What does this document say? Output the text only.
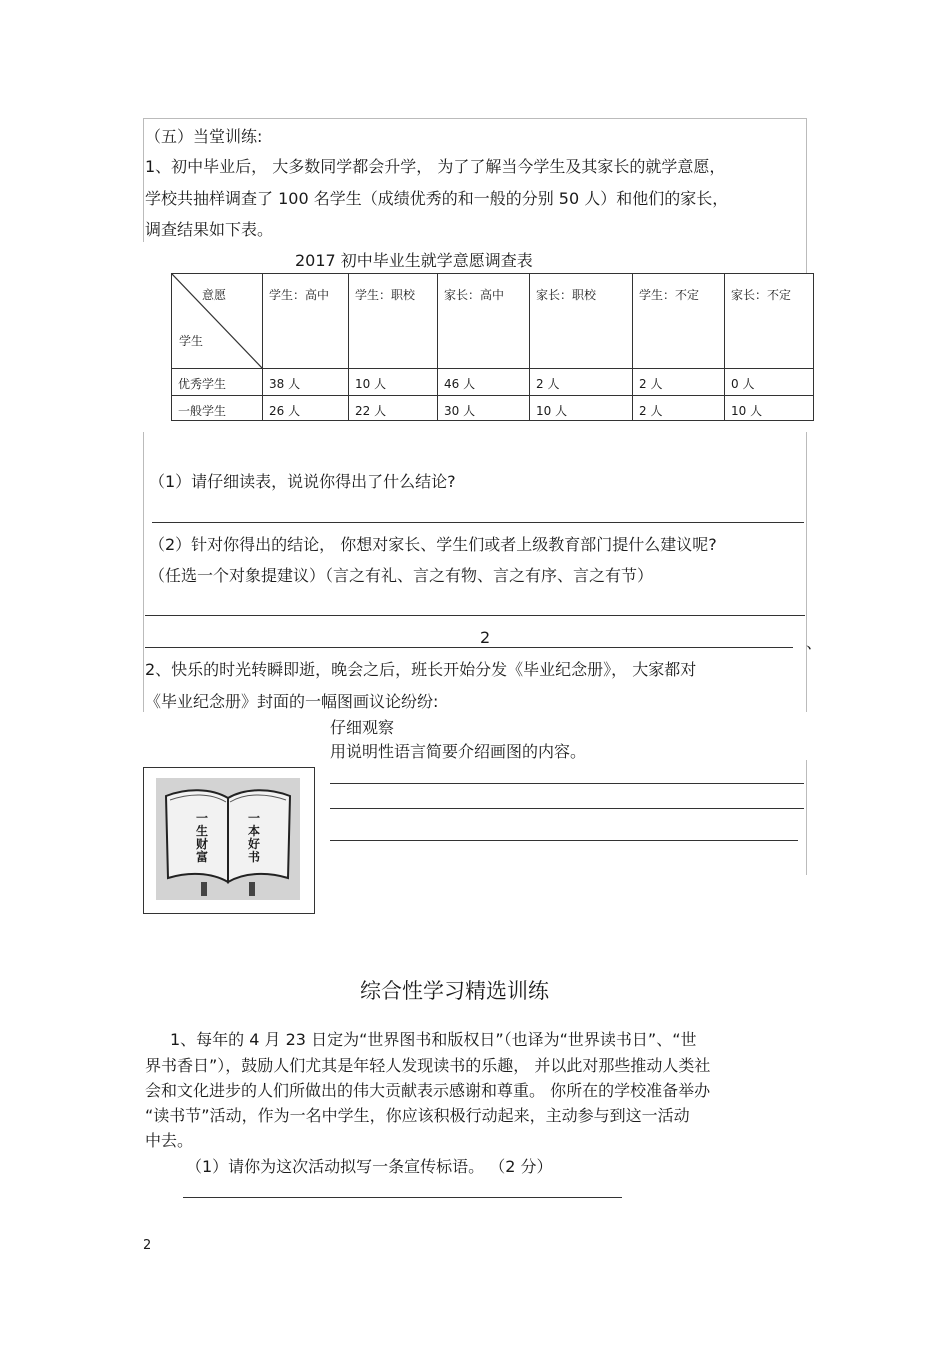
（五）当堂训练:
1、初中毕业后， 大多数同学都会升学， 为了了解当今学生及其家长的就学意愿，
学校共抽样调查了 100 名学生（成绩优秀的和一般的分别 50 人）和他们的家长，
调查结果如下表。
2017 初中毕业生就学意愿调查表
意愿
学生	学生：高中	学生：职校	家长：高中	家长：职校	学生：不定	家长：不定
优秀学生	38 人	10 人	46 人	2 人	2 人	0 人
一般学生	26 人	22 人	30 人	10 人	2 人	10 人
（1）请仔细读表，说说你得出了什么结论?
（2）针对你得出的结论， 你想对家长、学生们或者上级教育部门提什么建议呢?
（任选一个对象提建议）（言之有礼、言之有物、言之有序、言之有节）
2	、
2、快乐的时光转瞬即逝，晚会之后，班长开始分发《毕业纪念册》， 大家都对
《毕业纪念册》封面的一幅图画议论纷纷:
仔细观察
用说明性语言简要介绍画图的内容。
一生财富
一本好书
综合性学习精选训练
1、每年的 4 月 23 日定为“世界图书和版权日”（也译为“世界读书日”、“世
界书香日”），鼓励人们尤其是年轻人发现读书的乐趣， 并以此对那些推动人类社
会和文化进步的人们所做出的伟大贡献表示感谢和尊重。 你所在的学校准备举办
“读书节”活动，作为一名中学生，你应该积极行动起来，主动参与到这一活动
中去。
（1）请你为这次活动拟写一条宣传标语。 （2 分）
2
